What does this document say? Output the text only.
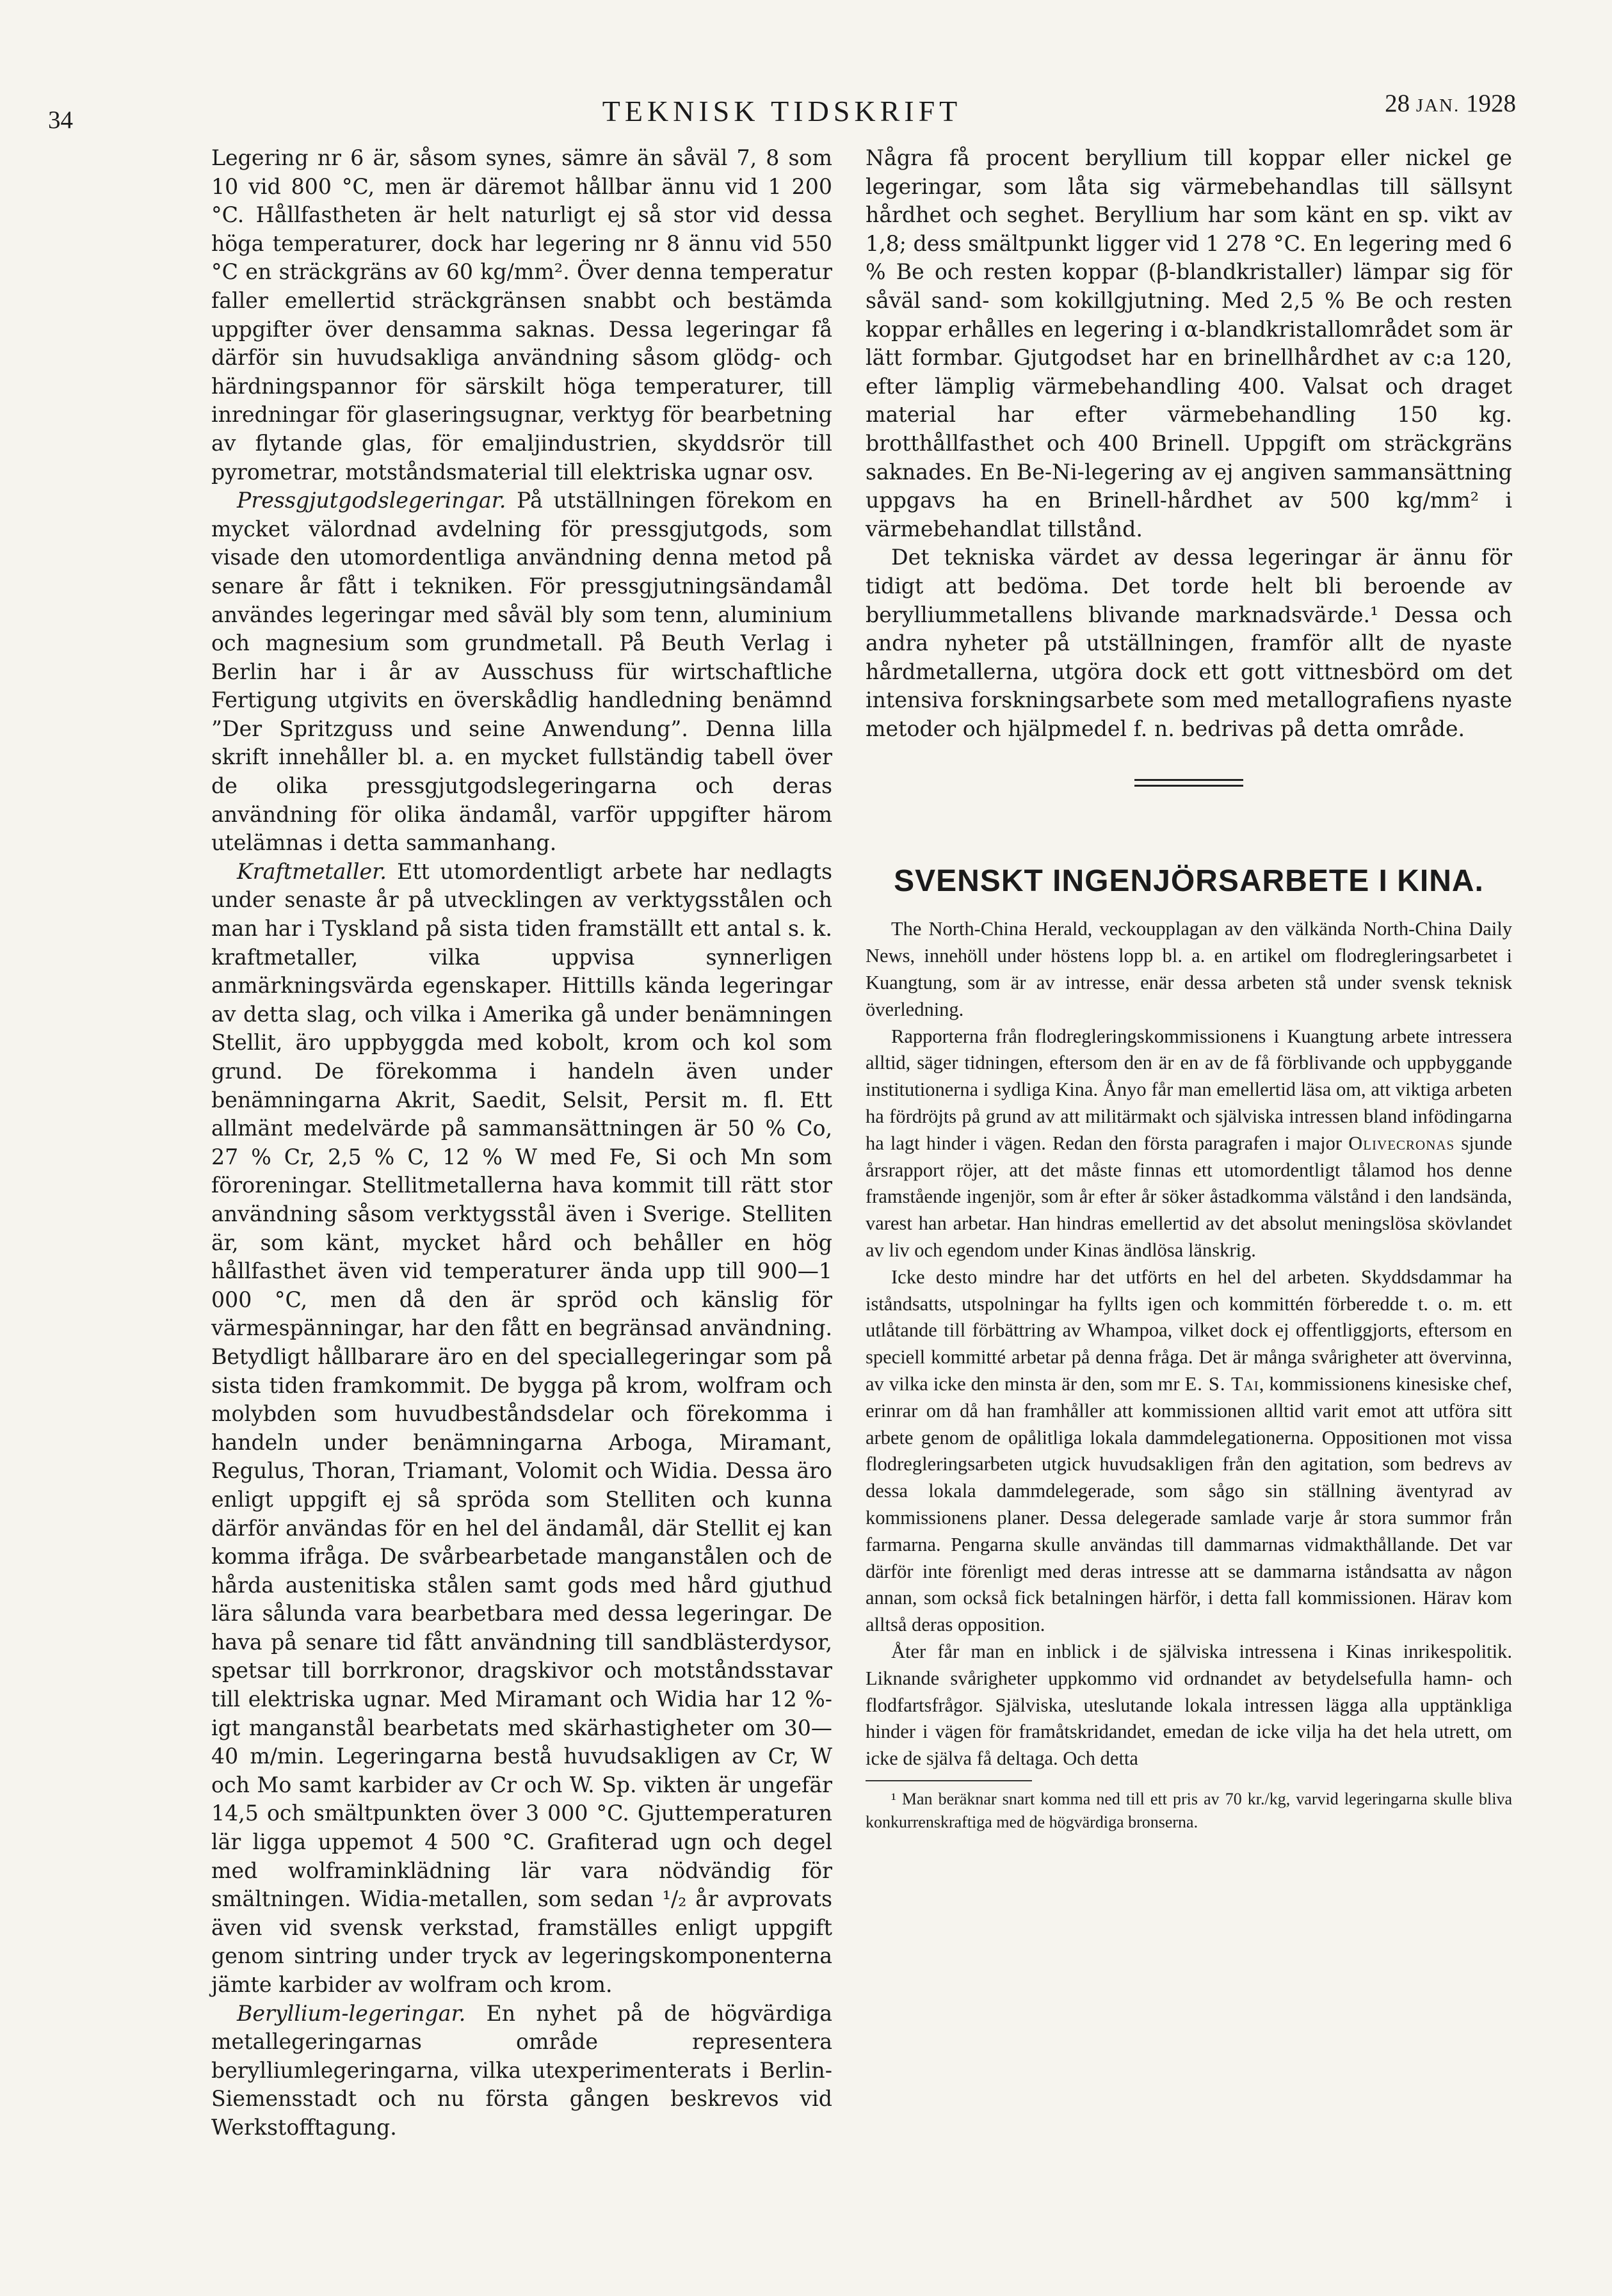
34	TEKNISK TIDSKRIFT	28 JAN. 1928

Legering nr 6 är, såsom synes, sämre än såväl 7, 8 som 10 vid 800 °C, men är däremot hållbar ännu vid 1 200 °C. Hållfastheten är helt naturligt ej så stor vid dessa höga temperaturer, dock har legering nr 8 ännu vid 550 °C en sträckgräns av 60 kg/mm². Över denna temperatur faller emellertid sträckgränsen snabbt och bestämda uppgifter över densamma saknas. Dessa legeringar få därför sin huvudsakliga användning såsom glödg- och härdningspannor för särskilt höga temperaturer, till inredningar för glaseringsugnar, verktyg för bearbetning av flytande glas, för emaljindustrien, skyddsrör till pyrometrar, motståndsmaterial till elektriska ugnar osv.

Pressgjutgodslegeringar. På utställningen förekom en mycket välordnad avdelning för pressgjutgods, som visade den utomordentliga användning denna metod på senare år fått i tekniken. För pressgjutningsändamål användes legeringar med såväl bly som tenn, aluminium och magnesium som grundmetall. På Beuth Verlag i Berlin har i år av Ausschuss für wirtschaftliche Fertigung utgivits en överskådlig handledning benämnd ”Der Spritzguss und seine Anwendung”. Denna lilla skrift innehåller bl. a. en mycket fullständig tabell över de olika pressgjutgodslegeringarna och deras användning för olika ändamål, varför uppgifter härom utelämnas i detta sammanhang.

Kraftmetaller. Ett utomordentligt arbete har nedlagts under senaste år på utvecklingen av verktygsstålen och man har i Tyskland på sista tiden framställt ett antal s. k. kraftmetaller, vilka uppvisa synnerligen anmärkningsvärda egenskaper. Hittills kända legeringar av detta slag, och vilka i Amerika gå under benämningen Stellit, äro uppbyggda med kobolt, krom och kol som grund. De förekomma i handeln även under benämningarna Akrit, Saedit, Selsit, Persit m. fl. Ett allmänt medelvärde på sammansättningen är 50 % Co, 27 % Cr, 2,5 % C, 12 % W med Fe, Si och Mn som föroreningar. Stellitmetallerna hava kommit till rätt stor användning såsom verktygsstål även i Sverige. Stelliten är, som känt, mycket hård och behåller en hög hållfasthet även vid temperaturer ända upp till 900—1 000 °C, men då den är spröd och känslig för värmespänningar, har den fått en begränsad användning. Betydligt hållbarare äro en del speciallegeringar som på sista tiden framkommit. De bygga på krom, wolfram och molybden som huvudbeståndsdelar och förekomma i handeln under benämningarna Arboga, Miramant, Regulus, Thoran, Triamant, Volomit och Widia. Dessa äro enligt uppgift ej så spröda som Stelliten och kunna därför användas för en hel del ändamål, där Stellit ej kan komma ifråga. De svårbearbetade manganstålen och de hårda austenitiska stålen samt gods med hård gjuthud lära sålunda vara bearbetbara med dessa legeringar. De hava på senare tid fått användning till sandblästerdysor, spetsar till borrkronor, dragskivor och motståndsstavar till elektriska ugnar. Med Miramant och Widia har 12 %-igt manganstål bearbetats med skärhastigheter om 30—40 m/min. Legeringarna bestå huvudsakligen av Cr, W och Mo samt karbider av Cr och W. Sp. vikten är ungefär 14,5 och smältpunkten över 3 000 °C. Gjuttemperaturen lär ligga uppemot 4 500 °C. Grafiterad ugn och degel med wolframinklädning lär vara nödvändig för smältningen. Widia-metallen, som sedan ¹/₂ år avprovats även vid svensk verkstad, framställes enligt uppgift genom sintring under tryck av legeringskomponenterna jämte karbider av wolfram och krom.

Beryllium-legeringar. En nyhet på de högvärdiga metallegeringarnas område representera berylliumlegeringarna, vilka utexperimenterats i Berlin-Siemensstadt och nu första gången beskrevos vid Werkstofftagung.

Några få procent beryllium till koppar eller nickel ge legeringar, som låta sig värmebehandlas till sällsynt hårdhet och seghet. Beryllium har som känt en sp. vikt av 1,8; dess smältpunkt ligger vid 1 278 °C. En legering med 6 % Be och resten koppar (β-blandkristaller) lämpar sig för såväl sand- som kokillgjutning. Med 2,5 % Be och resten koppar erhålles en legering i α-blandkristallområdet som är lätt formbar. Gjutgodset har en brinellhårdhet av c:a 120, efter lämplig värmebehandling 400. Valsat och draget material har efter värmebehandling 150 kg. brotthållfasthet och 400 Brinell. Uppgift om sträckgräns saknades. En Be-Ni-legering av ej angiven sammansättning uppgavs ha en Brinell-hårdhet av 500 kg/mm² i värmebehandlat tillstånd.

Det tekniska värdet av dessa legeringar är ännu för tidigt att bedöma. Det torde helt bli beroende av berylliummetallens blivande marknadsvärde.¹ Dessa och andra nyheter på utställningen, framför allt de nyaste hårdmetallerna, utgöra dock ett gott vittnesbörd om det intensiva forskningsarbete som med metallografiens nyaste metoder och hjälpmedel f. n. bedrivas på detta område.

SVENSKT INGENJÖRSARBETE I KINA.

The North-China Herald, veckoupplagan av den välkända North-China Daily News, innehöll under höstens lopp bl. a. en artikel om flodregleringsarbetet i Kuangtung, som är av intresse, enär dessa arbeten stå under svensk teknisk överledning.

Rapporterna från flodregleringskommissionens i Kuangtung arbete intressera alltid, säger tidningen, eftersom den är en av de få förblivande och uppbyggande institutionerna i sydliga Kina. Ånyo får man emellertid läsa om, att viktiga arbeten ha fördröjts på grund av att militärmakt och själviska intressen bland infödingarna ha lagt hinder i vägen. Redan den första paragrafen i major Olivecronas sjunde årsrapport röjer, att det måste finnas ett utomordentligt tålamod hos denne framstående ingenjör, som år efter år söker åstadkomma välstånd i den landsända, varest han arbetar. Han hindras emellertid av det absolut meningslösa skövlandet av liv och egendom under Kinas ändlösa länskrig.

Icke desto mindre har det utförts en hel del arbeten. Skyddsdammar ha iståndsatts, utspolningar ha fyllts igen och kommittén förberedde t. o. m. ett utlåtande till förbättring av Whampoa, vilket dock ej offentliggjorts, eftersom en speciell kommitté arbetar på denna fråga. Det är många svårigheter att övervinna, av vilka icke den minsta är den, som mr E. S. Tai, kommissionens kinesiske chef, erinrar om då han framhåller att kommissionen alltid varit emot att utföra sitt arbete genom de opålitliga lokala dammdelegationerna. Oppositionen mot vissa flodregleringsarbeten utgick huvudsakligen från den agitation, som bedrevs av dessa lokala dammdelegerade, som sågo sin ställning äventyrad av kommissionens planer. Dessa delegerade samlade varje år stora summor från farmarna. Pengarna skulle användas till dammarnas vidmakthållande. Det var därför inte förenligt med deras intresse att se dammarna iståndsatta av någon annan, som också fick betalningen härför, i detta fall kommissionen. Härav kom alltså deras opposition.

Åter får man en inblick i de själviska intressena i Kinas inrikespolitik. Liknande svårigheter uppkommo vid ordnandet av betydelsefulla hamn- och flodfartsfrågor. Själviska, uteslutande lokala intressen lägga alla upptänkliga hinder i vägen för framåtskridandet, emedan de icke vilja ha det hela utrett, om icke de själva få deltaga. Och detta

¹ Man beräknar snart komma ned till ett pris av 70 kr./kg, varvid legeringarna skulle bliva konkurrenskraftiga med de högvärdiga bronserna.
